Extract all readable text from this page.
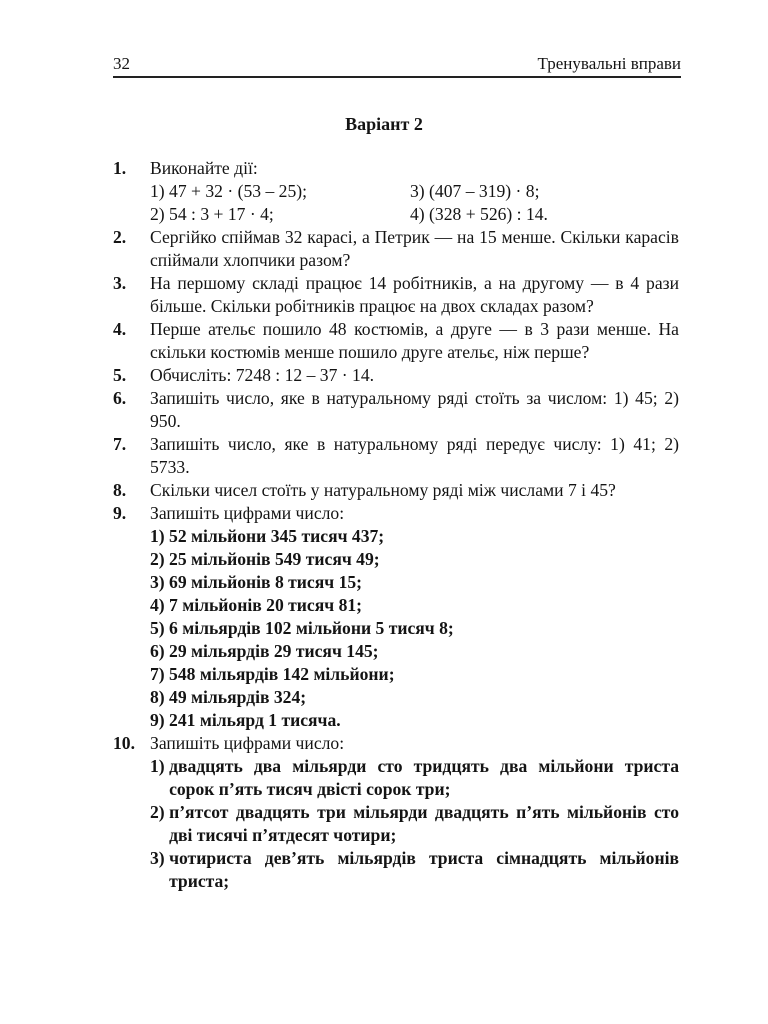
32	Тренувальні вправи
Варіант 2
1.	Виконайте дії:
1) 47 + 32 · (53 – 25);	3) (407 – 319) · 8;
2) 54 : 3 + 17 · 4;	4) (328 + 526) : 14.
2.	Сергійко спіймав 32 карасі, а Петрик — на 15 менше. Скільки карасів спіймали хлопчики разом?
3.	На першому складі працює 14 робітників, а на другому — в 4 рази більше. Скільки робітників працює на двох складах разом?
4.	Перше ательє пошило 48 костюмів, а друге — в 3 рази менше. На скільки костюмів менше пошило друге ательє, ніж перше?
5.	Обчисліть: 7248 : 12 – 37 · 14.
6.	Запишіть число, яке в натуральному ряді стоїть за числом: 1) 45; 2) 950.
7.	Запишіть число, яке в натуральному ряді передує числу: 1) 41; 2) 5733.
8.	Скільки чисел стоїть у натуральному ряді між числами 7 і 45?
9.	Запишіть цифрами число:
1) 52 мільйони 345 тисяч 437;
2) 25 мільйонів 549 тисяч 49;
3) 69 мільйонів 8 тисяч 15;
4) 7 мільйонів 20 тисяч 81;
5) 6 мільярдів 102 мільйони 5 тисяч 8;
6) 29 мільярдів 29 тисяч 145;
7) 548 мільярдів 142 мільйони;
8) 49 мільярдів 324;
9) 241 мільярд 1 тисяча.
10. Запишіть цифрами число:
1)
двадцять два мільярди сто тридцять два мільйони триста сорок п’ять тисяч двісті сорок три;
2)
п’ятсот двадцять три мільярди двадцять п’ять мільйонів сто дві тисячі п’ятдесят чотири;
3)
чотириста дев’ять мільярдів триста сімнадцять мільйонів триста;
